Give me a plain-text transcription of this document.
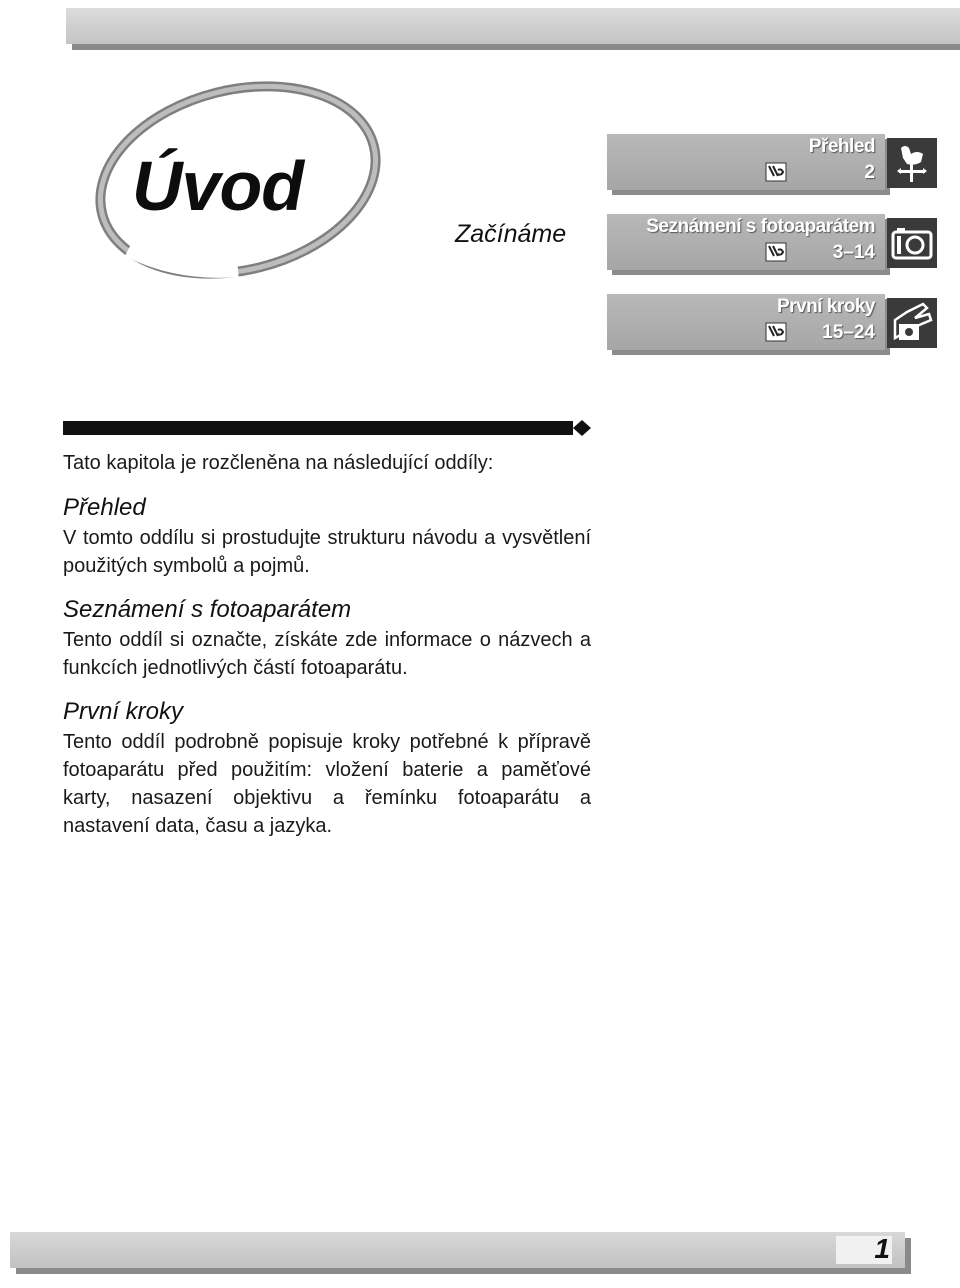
Úvod
Začínáme
Přehled
2
Seznámení s fotoaparátem
3–14
První kroky
15–24
Tato kapitola je rozčleněna na následující oddíly:
Přehled

V tomto oddílu si prostudujte strukturu návodu a vysvětlení použitých symbolů a pojmů.

Seznámení s fotoaparátem

Tento oddíl si označte, získáte zde informace o názvech a funkcích jednotlivých částí fotoaparátu.

První kroky

Tento oddíl podrobně popisuje kroky potřebné k přípravě fotoaparátu před použitím: vložení baterie a paměťové karty, nasazení objektivu a řemínku fotoaparátu a nastavení data, času a jazyka.

1
